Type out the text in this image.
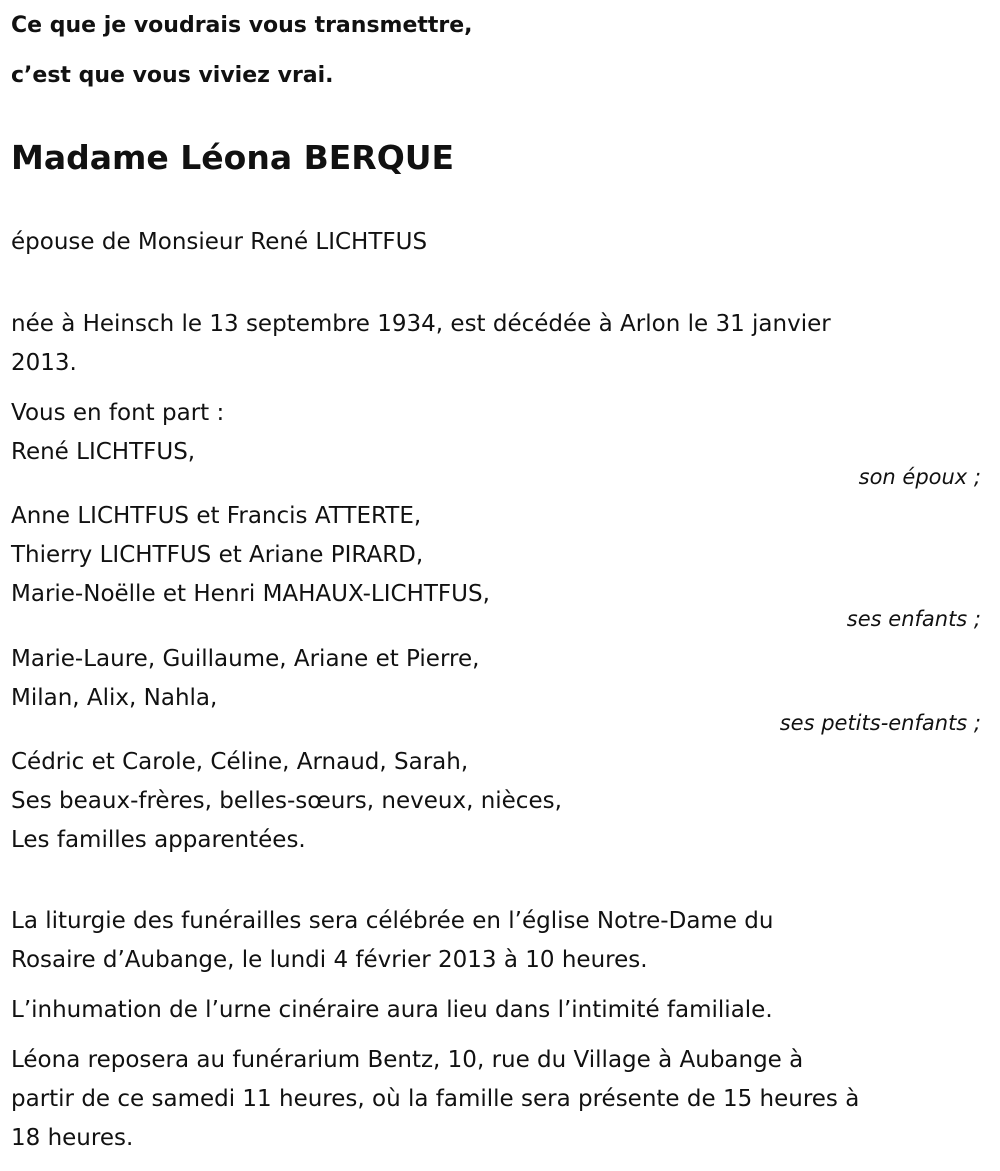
Ce que je voudrais vous transmettre,

c’est que vous viviez vrai.

Madame Léona BERQUE

épouse de Monsieur René LICHTFUS

née à Heinsch le 13 septembre 1934, est décédée à Arlon le 31 janvier
2013.
Vous en font part :
René LICHTFUS,
son époux ;
Anne LICHTFUS et Francis ATTERTE,
Thierry LICHTFUS et Ariane PIRARD,
Marie-Noëlle et Henri MAHAUX-LICHTFUS,
ses enfants ;
Marie-Laure, Guillaume, Ariane et Pierre,
Milan, Alix, Nahla,
ses petits-enfants ;
Cédric et Carole, Céline, Arnaud, Sarah,
Ses beaux-frères, belles-sœurs, neveux, nièces,
Les familles apparentées.
La liturgie des funérailles sera célébrée en l’église Notre-Dame du
Rosaire d’Aubange, le lundi 4 février 2013 à 10 heures.

L’inhumation de l’urne cinéraire aura lieu dans l’intimité familiale.

Léona reposera au funérarium Bentz, 10, rue du Village à Aubange à
partir de ce samedi 11 heures, où la famille sera présente de 15 heures à
18 heures.
